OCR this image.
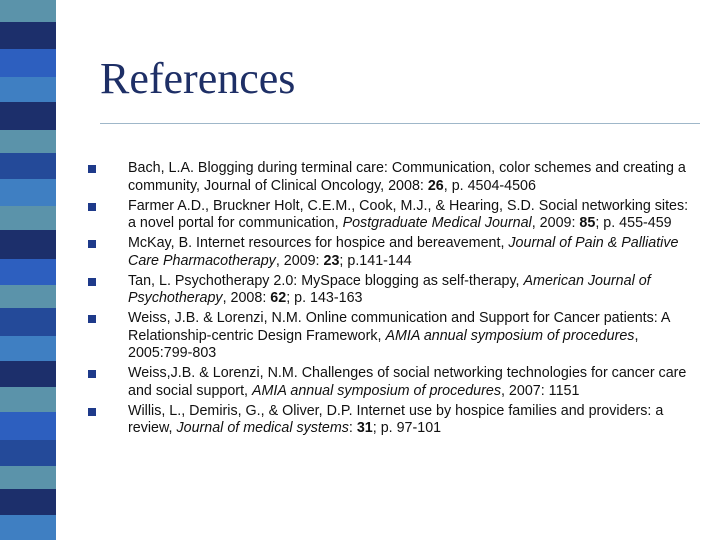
References
Bach, L.A. Blogging during terminal care: Communication, color schemes and creating a community, Journal of Clinical Oncology, 2008: 26, p. 4504-4506
Farmer A.D., Bruckner Holt, C.E.M., Cook, M.J., & Hearing, S.D. Social networking sites: a novel portal for communication, Postgraduate Medical Journal, 2009: 85; p. 455-459
McKay, B. Internet resources for hospice and bereavement, Journal of Pain & Palliative Care Pharmacotherapy, 2009: 23; p.141-144
Tan, L. Psychotherapy 2.0: MySpace blogging as self-therapy, American Journal of Psychotherapy, 2008: 62; p. 143-163
Weiss, J.B. & Lorenzi, N.M. Online communication and Support for Cancer patients: A Relationship-centric Design Framework, AMIA annual symposium of procedures, 2005:799-803
Weiss,J.B. & Lorenzi, N.M. Challenges of social networking technologies for cancer care and social support, AMIA annual symposium of procedures, 2007: 1151
Willis, L., Demiris, G., & Oliver, D.P. Internet use by hospice families and providers: a review, Journal of medical systems: 31; p. 97-101
